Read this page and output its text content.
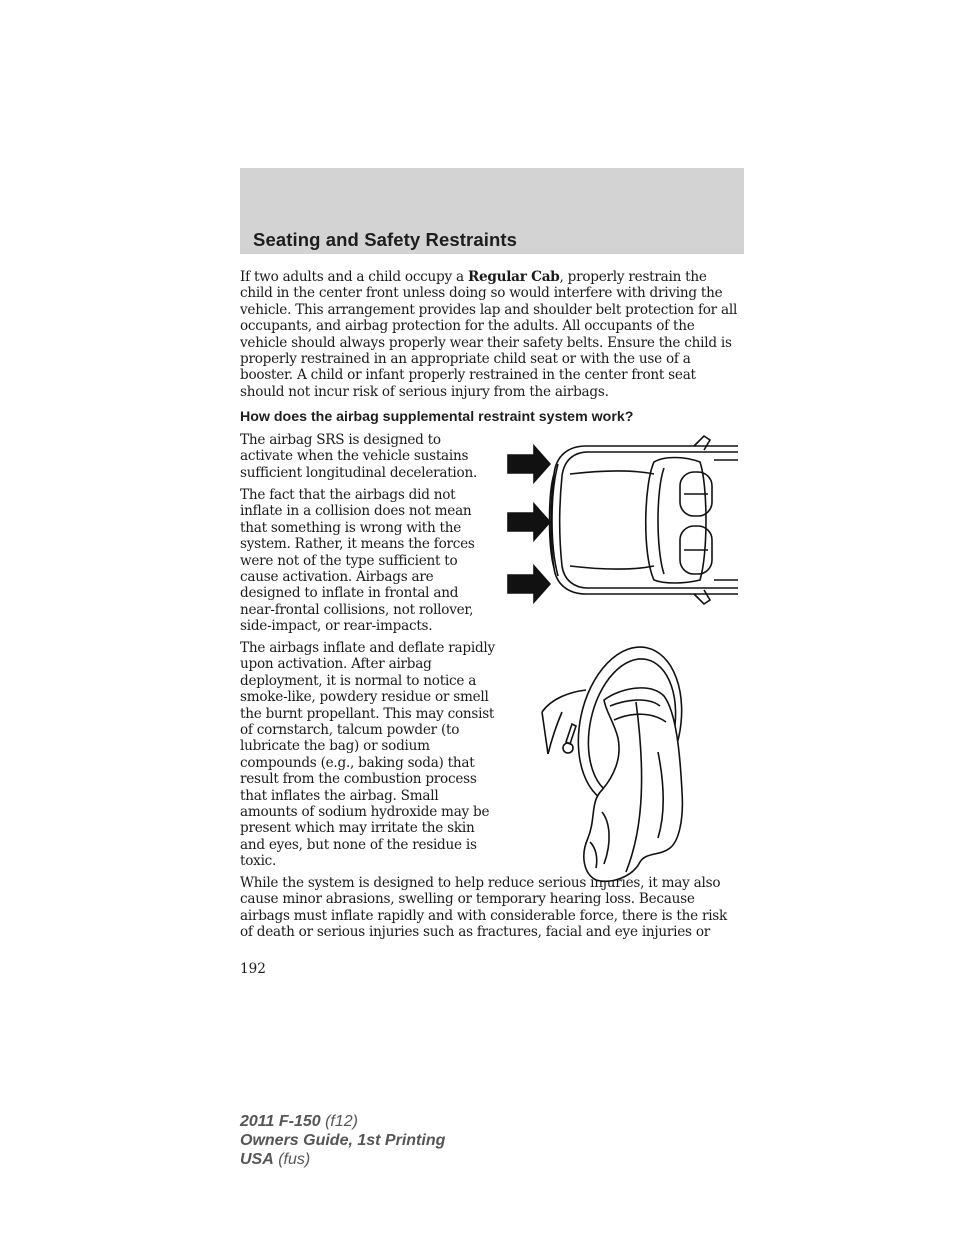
Seating and Safety Restraints

If two adults and a child occupy a Regular Cab, properly restrain the child in the center front unless doing so would interfere with driving the vehicle. This arrangement provides lap and shoulder belt protection for all occupants, and airbag protection for the adults. All occupants of the vehicle should always properly wear their safety belts. Ensure the child is properly restrained in an appropriate child seat or with the use of a booster. A child or infant properly restrained in the center front seat should not incur risk of serious injury from the airbags.

How does the airbag supplemental restraint system work?

The airbag SRS is designed to activate when the vehicle sustains sufficient longitudinal deceleration.

The fact that the airbags did not inflate in a collision does not mean that something is wrong with the system. Rather, it means the forces were not of the type sufficient to cause activation. Airbags are designed to inflate in frontal and near-frontal collisions, not rollover, side-impact, or rear-impacts.

The airbags inflate and deflate rapidly upon activation. After airbag deployment, it is normal to notice a smoke-like, powdery residue or smell the burnt propellant. This may consist of cornstarch, talcum powder (to lubricate the bag) or sodium compounds (e.g., baking soda) that result from the combustion process that inflates the airbag. Small amounts of sodium hydroxide may be present which may irritate the skin and eyes, but none of the residue is toxic.

While the system is designed to help reduce serious injuries, it may also cause minor abrasions, swelling or temporary hearing loss. Because airbags must inflate rapidly and with considerable force, there is the risk of death or serious injuries such as fractures, facial and eye injuries or

192

2011 F-150 (f12)
Owners Guide, 1st Printing
USA (fus)
